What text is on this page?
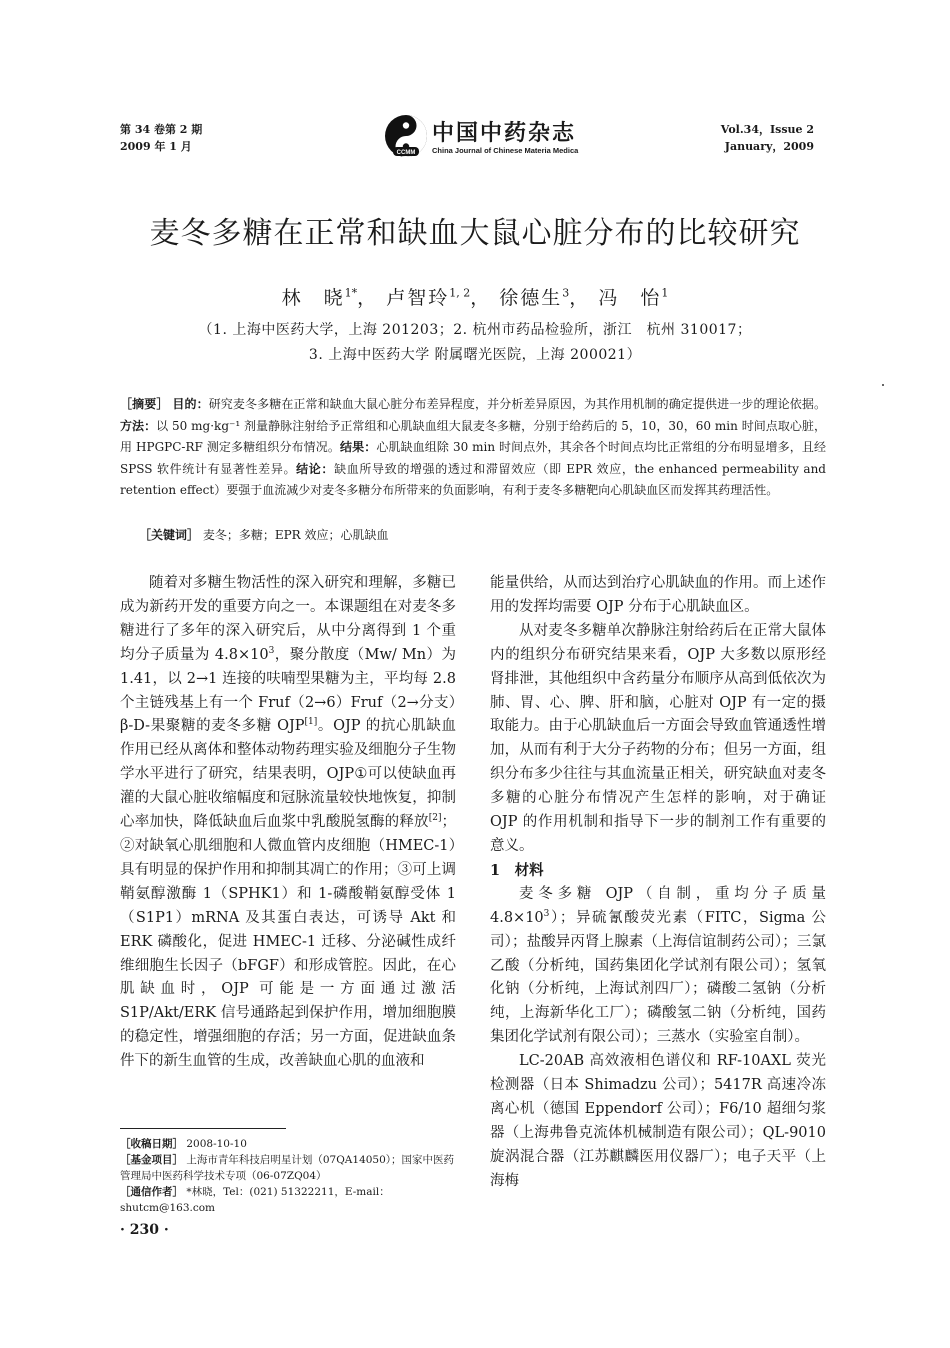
第 34 卷第 2 期
2009 年 1 月	CCMM
中国中药杂志
China Journal of Chinese Materia Medica
Vol.34，Issue 2
January，2009
麦冬多糖在正常和缺血大鼠心脏分布的比较研究
林　晓$^{1*}$， 卢智玲$^{1, 2}$， 徐德生$^3$， 冯　怡$^1$
（1. 上海中医药大学，上海 201203；2. 杭州市药品检验所，浙江　杭州 310017；
3. 上海中医药大学 附属曙光医院，上海 200021）
［摘要］ 目的：研究麦冬多糖在正常和缺血大鼠心脏分布差异程度，并分析差异原因，为其作用机制的确定提供进一步的理论依据。方法：以 50 mg·kg⁻¹ 剂量静脉注射给予正常组和心肌缺血组大鼠麦冬多糖，分别于给药后的 5，10，30，60 min 时间点取心脏，用 HPGPC-RF 测定多糖组织分布情况。结果：心肌缺血组除 30 min 时间点外，其余各个时间点均比正常组的分布明显增多，且经 SPSS 软件统计有显著性差异。结论：缺血所导致的增强的透过和滞留效应（即 EPR 效应，the enhanced permeability and retention effect）要强于血流减少对麦冬多糖分布所带来的负面影响，有利于麦冬多糖靶向心肌缺血区而发挥其药理活性。
［关键词］ 麦冬；多糖；EPR 效应；心肌缺血

随着对多糖生物活性的深入研究和理解，多糖已成为新药开发的重要方向之一。本课题组在对麦冬多糖进行了多年的深入研究后，从中分离得到 1 个重均分子质量为 $4.8\times 10^3$，聚分散度（Mw/ Mn）为 1.41，以 2→1 连接的呋喃型果糖为主，平均每 2.8 个主链残基上有一个 Fruf（2→6）Fruf（2→分支）β-D-果聚糖的麦冬多糖 OJP[1]。OJP 的抗心肌缺血作用已经从离体和整体动物药理实验及细胞分子生物学水平进行了研究，结果表明，OJP①可以使缺血再灌的大鼠心脏收缩幅度和冠脉流量较快地恢复，抑制心率加快，降低缺血后血浆中乳酸脱氢酶的释放[2]；②对缺氧心肌细胞和人微血管内皮细胞（HMEC-1）具有明显的保护作用和抑制其凋亡的作用；③可上调鞘氨醇激酶 1（SPHK1）和 1-磷酸鞘氨醇受体 1（S1P1）mRNA 及其蛋白表达，可诱导 Akt 和 ERK 磷酸化，促进 HMEC-1 迁移、分泌碱性成纤维细胞生长因子（bFGF）和形成管腔。因此，在心肌缺血时，OJP 可能是一方面通过激活 S1P/Akt/ERK 信号通路起到保护作用，增加细胞膜的稳定性，增强细胞的存活；另一方面，促进缺血条件下的新生血管的生成，改善缺血心肌的血液和

能量供给，从而达到治疗心肌缺血的作用。而上述作用的发挥均需要 OJP 分布于心肌缺血区。

从对麦冬多糖单次静脉注射给药后在正常大鼠体内的组织分布研究结果来看，OJP 大多数以原形经肾排泄，其他组织中含药量分布顺序从高到低依次为肺、胃、心、脾、肝和脑，心脏对 OJP 有一定的摄取能力。由于心肌缺血后一方面会导致血管通透性增加，从而有利于大分子药物的分布；但另一方面，组织分布多少往往与其血流量正相关，研究缺血对麦冬多糖的心脏分布情况产生怎样的影响，对于确证 OJP 的作用机制和指导下一步的制剂工作有重要的意义。

1　 材料

麦冬多糖 OJP（自制，重均分子质量 $4.8\times 10^3$）；异硫氰酸荧光素（FITC，Sigma 公司）；盐酸异丙肾上腺素（上海信谊制药公司）；三氯乙酸（分析纯，国药集团化学试剂有限公司）；氢氧化钠（分析纯，上海试剂四厂）；磷酸二氢钠（分析纯，上海新华化工厂）；磷酸氢二钠（分析纯，国药集团化学试剂有限公司）；三蒸水（实验室自制）。

LC-20AB 高效液相色谱仪和 RF-10AXL 荧光检测器（日本 Shimadzu 公司）；5417R 高速冷冻离心机（德国 Eppendorf 公司）；F6/10 超细匀浆器（上海弗鲁克流体机械制造有限公司）；QL-9010 旋涡混合器（江苏麒麟医用仪器厂）；电子天平（上海梅

［收稿日期］ 2008-10-10

［基金项目］ 上海市青年科技启明星计划（07QA14050）；国家中医药管理局中医药科学技术专项（06-07ZQ04）

［通信作者］ *林晓，Tel：(021) 51322211，E-mail：shutcm@163.com

· 230 ·
